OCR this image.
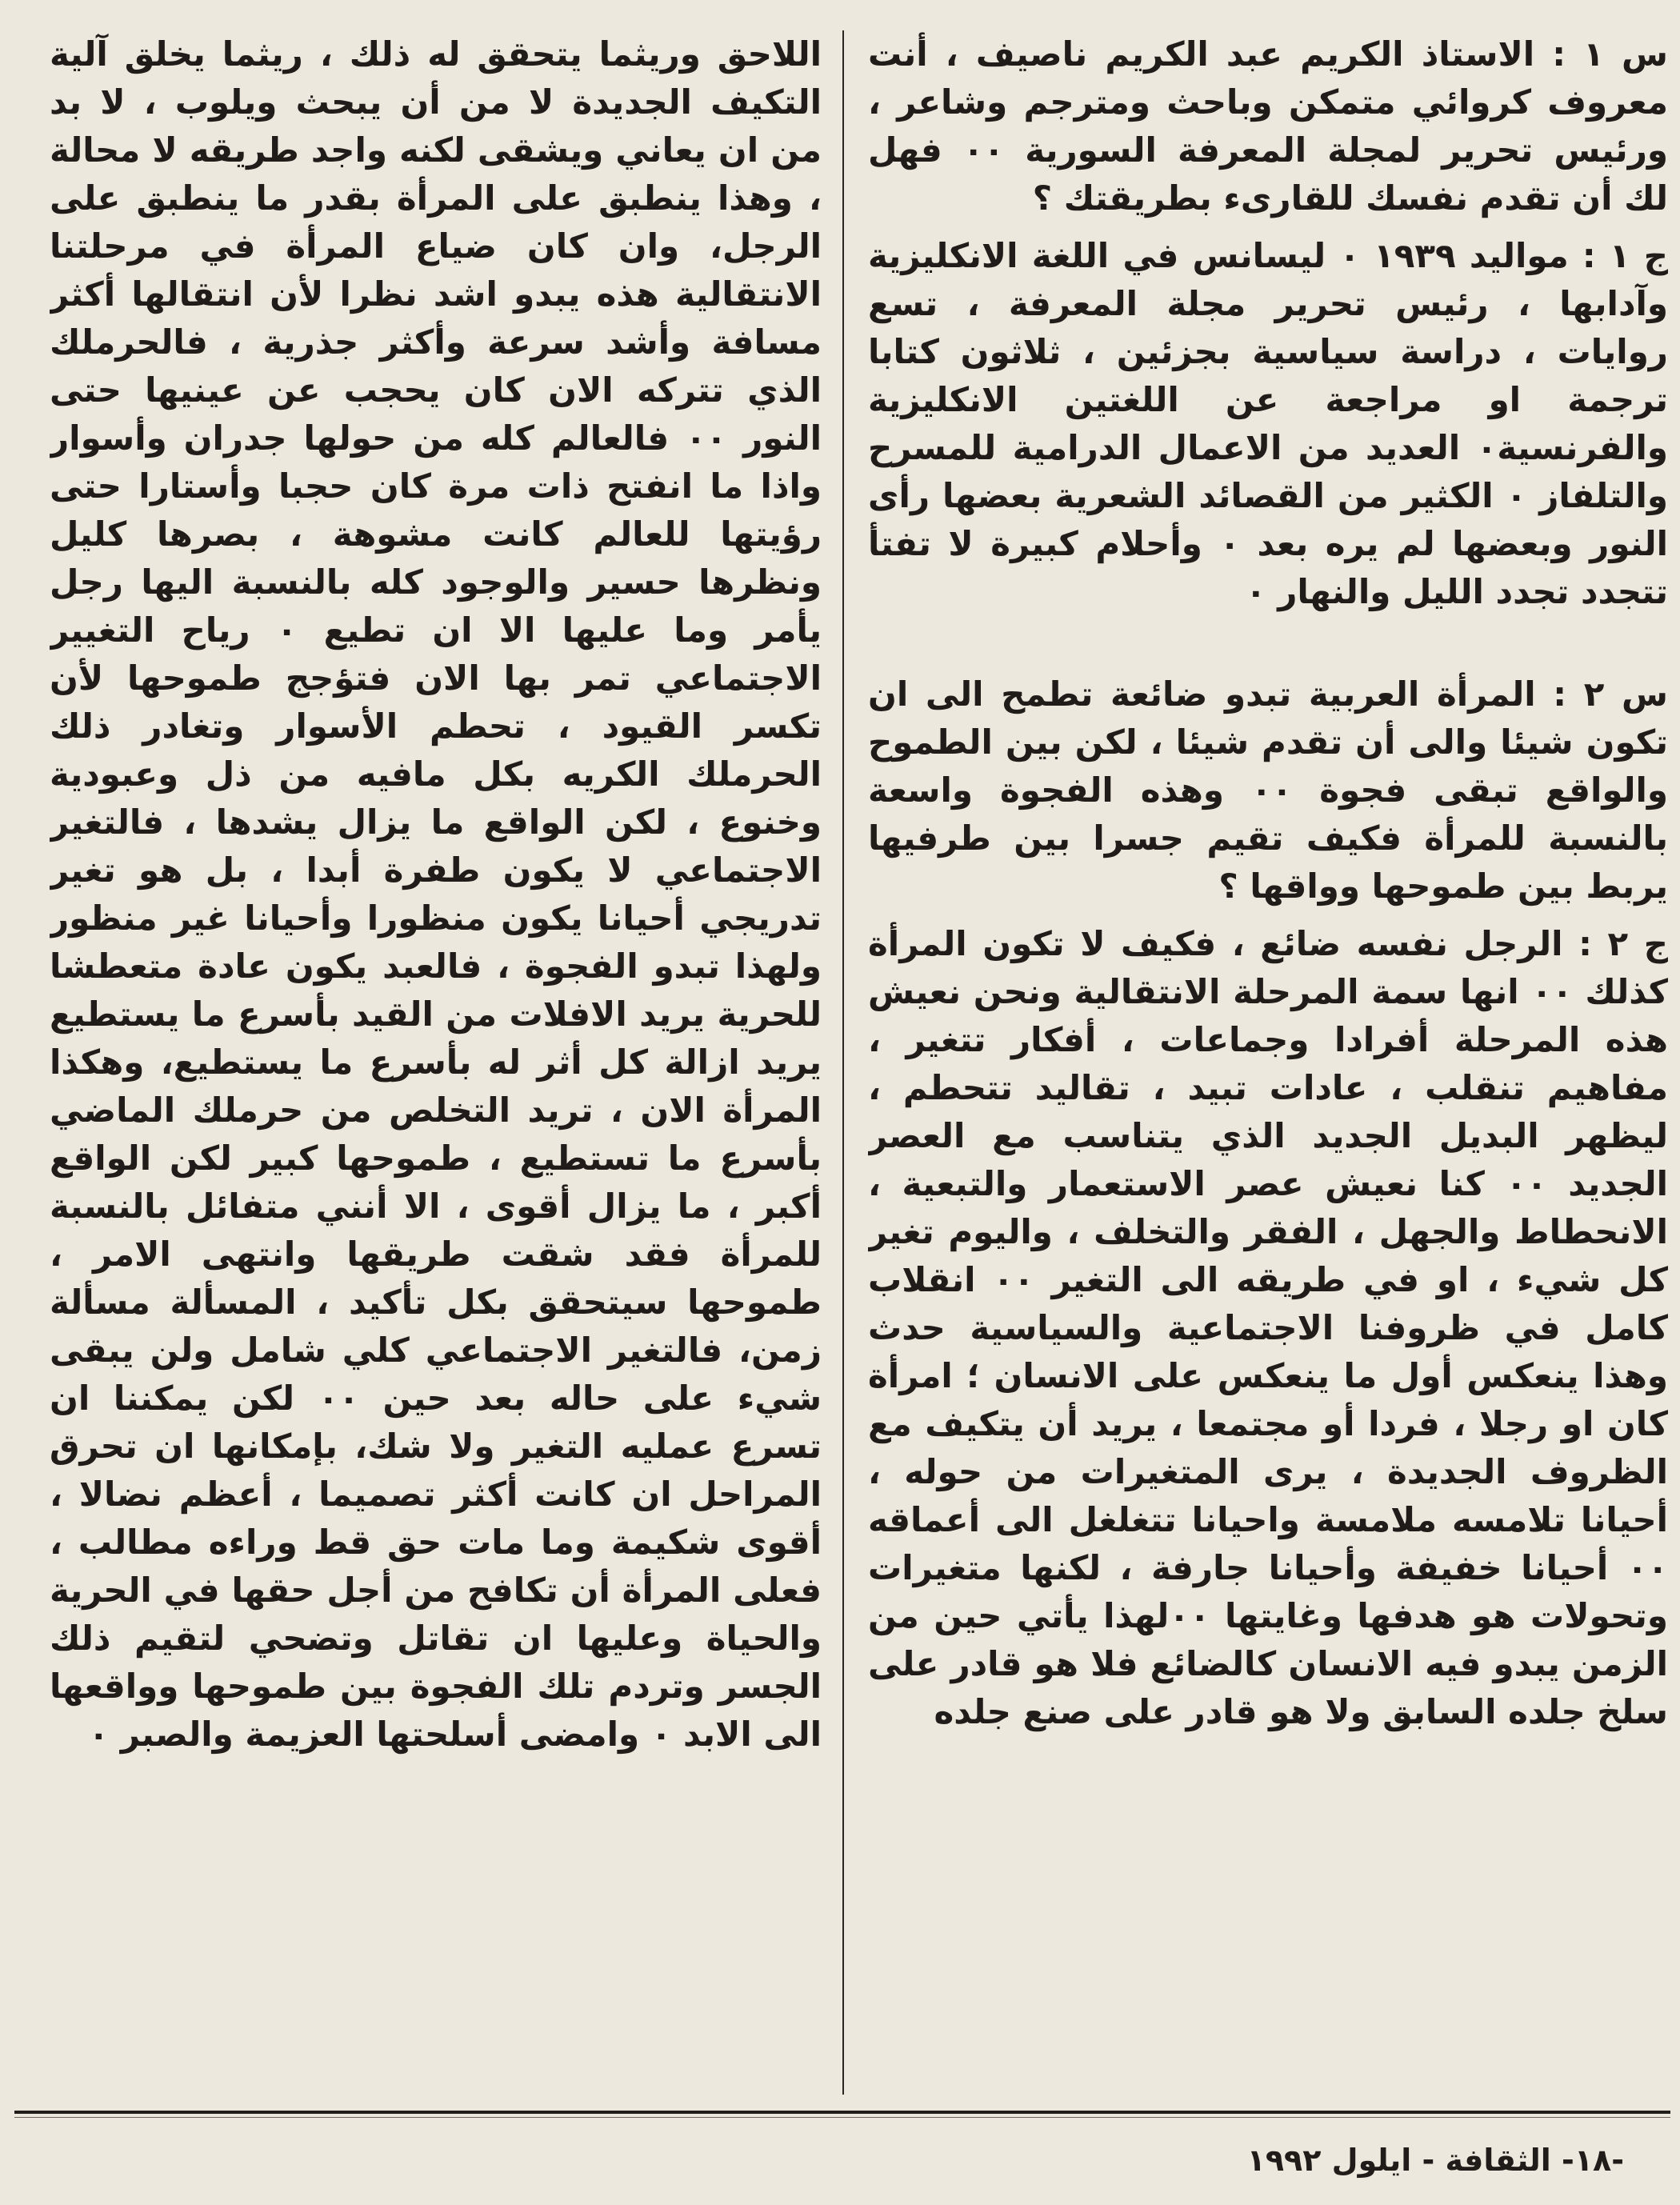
س ١ : الاستاذ الكريم عبد الكريم ناصيف ، أنت معروف كروائي متمكن وباحث ومترجم وشاعر ، ورئيس تحرير لمجلة المعرفة السورية ٠٠ فهل لك أن تقدم نفسك للقارىء بطريقتك ؟

ج ١ : مواليد ١٩٣٩ ٠ ليسانس في اللغة الانكليزية وآدابها ، رئيس تحرير مجلة المعرفة ، تسع روايات ، دراسة سياسية بجزئين ، ثلاثون كتابا ترجمة او مراجعة عن اللغتين الانكليزية والفرنسية٠ العديد من الاعمال الدرامية للمسرح والتلفاز ٠ الكثير من القصائد الشعرية بعضها رأى النور وبعضها لم يره بعد ٠ وأحلام كبيرة لا تفتأ تتجدد تجدد الليل والنهار ٠

س ٢ : المرأة العربية تبدو ضائعة تطمح الى ان تكون شيئا والى أن تقدم شيئا ، لكن بين الطموح والواقع تبقى فجوة ٠٠ وهذه الفجوة واسعة بالنسبة للمرأة فكيف تقيم جسرا بين طرفيها يربط بين طموحها وواقها ؟

ج ٢ : الرجل نفسه ضائع ، فكيف لا تكون المرأة كذلك ٠٠ انها سمة المرحلة الانتقالية ونحن نعيش هذه المرحلة أفرادا وجماعات ، أفكار تتغير ، مفاهيم تنقلب ، عادات تبيد ، تقاليد تتحطم ، ليظهر البديل الجديد الذي يتناسب مع العصر الجديد ٠٠ كنا نعيش عصر الاستعمار والتبعية ، الانحطاط والجهل ، الفقر والتخلف ، واليوم تغير كل شيء ، او في طريقه الى التغير ٠٠ انقلاب كامل في ظروفنا الاجتماعية والسياسية حدث وهذا ينعكس أول ما ينعكس على الانسان ؛ امرأة كان او رجلا ، فردا أو مجتمعا ، يريد أن يتكيف مع الظروف الجديدة ، يرى المتغيرات من حوله ، أحيانا تلامسه ملامسة واحيانا تتغلغل الى أعماقه ٠٠ أحيانا خفيفة وأحيانا جارفة ، لكنها متغيرات وتحولات هو هدفها وغايتها ٠٠لهذا يأتي حين من الزمن يبدو فيه الانسان كالضائع فلا هو قادر على سلخ جلده السابق ولا هو قادر على صنع جلده

اللاحق وريثما يتحقق له ذلك ، ريثما يخلق آلية التكيف الجديدة لا من أن يبحث ويلوب ، لا بد من ان يعاني ويشقى لكنه واجد طريقه لا محالة ، وهذا ينطبق على المرأة بقدر ما ينطبق على الرجل، وان كان ضياع المرأة في مرحلتنا الانتقالية هذه يبدو اشد نظرا لأن انتقالها أكثر مسافة وأشد سرعة وأكثر جذرية ، فالحرملك الذي تتركه الان كان يحجب عن عينيها حتى النور ٠٠ فالعالم كله من حولها جدران وأسوار واذا ما انفتح ذات مرة كان حجبا وأستارا حتى رؤيتها للعالم كانت مشوهة ، بصرها كليل ونظرها حسير والوجود كله بالنسبة اليها رجل يأمر وما عليها الا ان تطيع ٠ رياح التغيير الاجتماعي تمر بها الان فتؤجج طموحها لأن تكسر القيود ، تحطم الأسوار وتغادر ذلك الحرملك الكريه بكل مافيه من ذل وعبودية وخنوع ، لكن الواقع ما يزال يشدها ، فالتغير الاجتماعي لا يكون طفرة أبدا ، بل هو تغير تدريجي أحيانا يكون منظورا وأحيانا غير منظور ولهذا تبدو الفجوة ، فالعبد يكون عادة متعطشا للحرية يريد الافلات من القيد بأسرع ما يستطيع يريد ازالة كل أثر له بأسرع ما يستطيع، وهكذا المرأة الان ، تريد التخلص من حرملك الماضي بأسرع ما تستطيع ، طموحها كبير لكن الواقع أكبر ، ما يزال أقوى ، الا أنني متفائل بالنسبة للمرأة فقد شقت طريقها وانتهى الامر ، طموحها سيتحقق بكل تأكيد ، المسألة مسألة زمن، فالتغير الاجتماعي كلي شامل ولن يبقى شيء على حاله بعد حين ٠٠ لكن يمكننا ان تسرع عمليه التغير ولا شك، بإمكانها ان تحرق المراحل ان كانت أكثر تصميما ، أعظم نضالا ، أقوى شكيمة وما مات حق قط وراءه مطالب ، فعلى المرأة أن تكافح من أجل حقها في الحرية والحياة وعليها ان تقاتل وتضحي لتقيم ذلك الجسر وتردم تلك الفجوة بين طموحها وواقعها الى الابد ٠ وامضى أسلحتها العزيمة والصبر ٠

-١٨- الثقافة - ايلول ١٩٩٢
